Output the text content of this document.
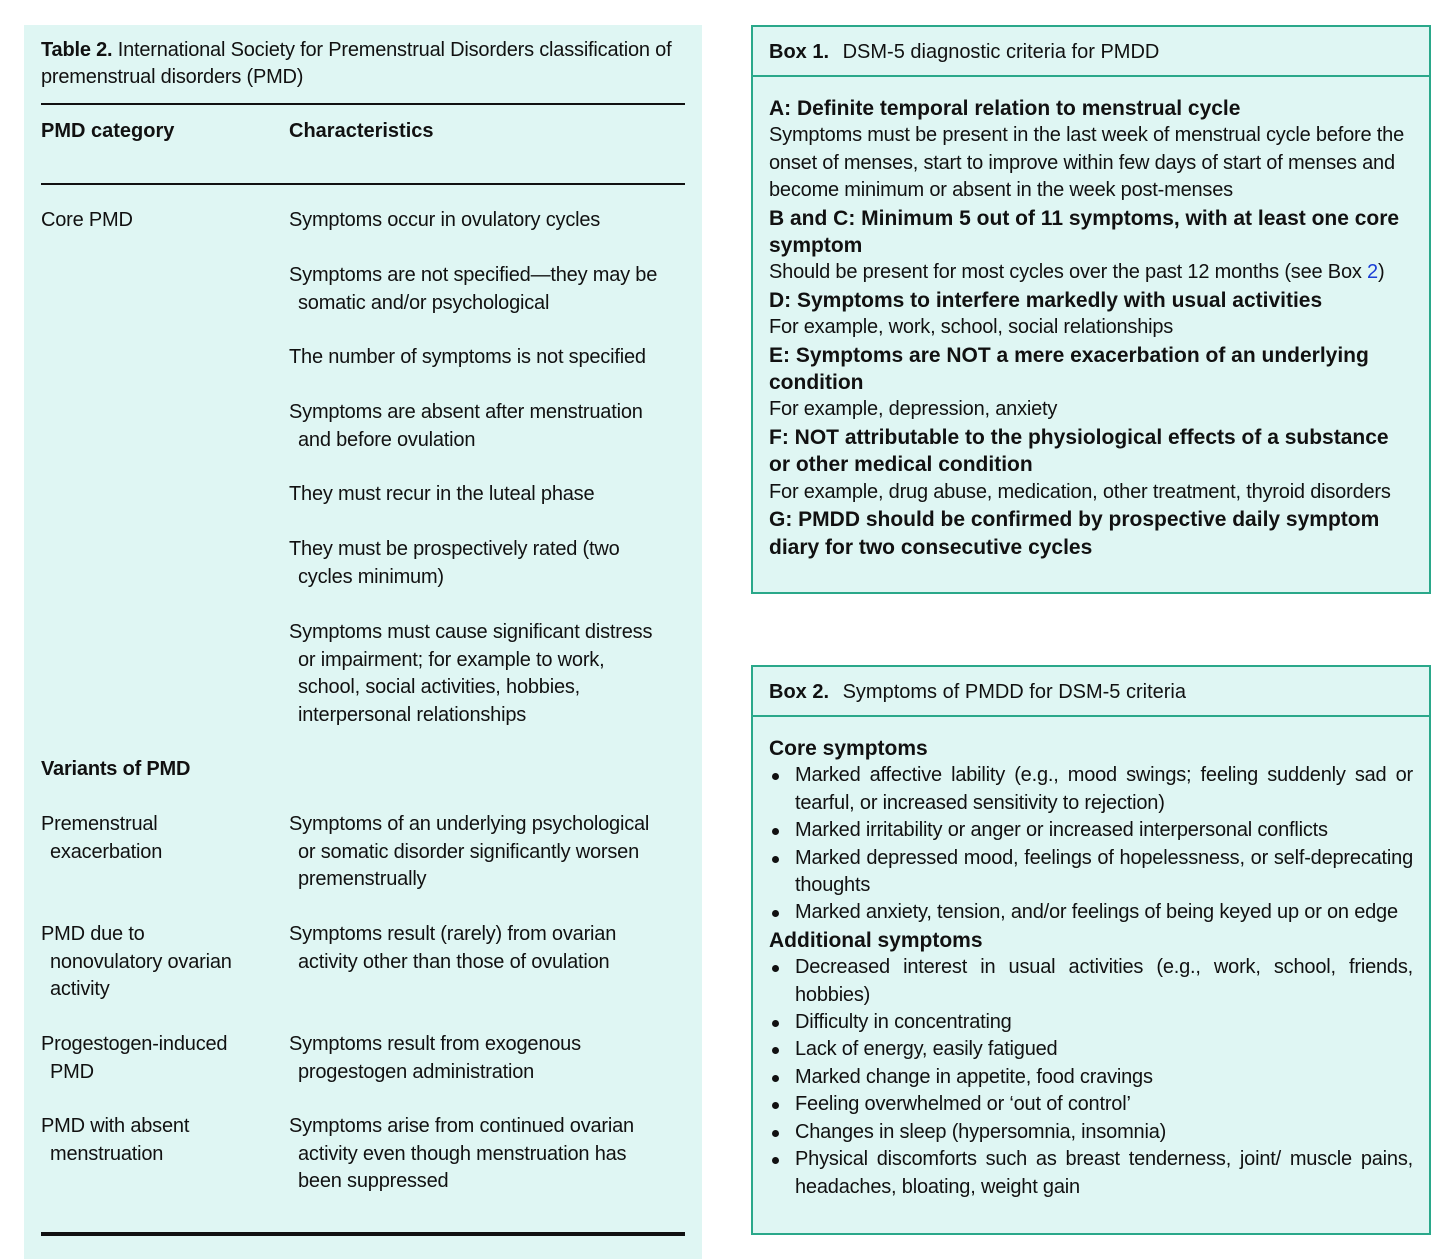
Table 2. International Society for Premenstrual Disorders classification of premenstrual disorders (PMD)
PMD category	Characteristics
Core PMD	Symptoms occur in ovulatory cycles
Symptoms are not specified—they may be
somatic and/or psychological
The number of symptoms is not specified
Symptoms are absent after menstruation
and before ovulation
They must recur in the luteal phase
They must be prospectively rated (two
cycles minimum)
Symptoms must cause significant distress
or impairment; for example to work,
school, social activities, hobbies,
interpersonal relationships
Variants of PMD
Premenstrual
exacerbation
Symptoms of an underlying psychological
or somatic disorder significantly worsen
premenstrually
PMD due to
nonovulatory ovarian
activity
Symptoms result (rarely) from ovarian
activity other than those of ovulation
Progestogen-induced
PMD
Symptoms result from exogenous
progestogen administration
PMD with absent
menstruation
Symptoms arise from continued ovarian
activity even though menstruation has
been suppressed
Box 1. DSM-5 diagnostic criteria for PMDD
A: Definite temporal relation to menstrual cycle
Symptoms must be present in the last week of menstrual cycle before the onset of menses, start to improve within few days of start of menses and become minimum or absent in the week post-menses
B and C: Minimum 5 out of 11 symptoms, with at least one core symptom
Should be present for most cycles over the past 12 months (see Box 2)
D: Symptoms to interfere markedly with usual activities
For example, work, school, social relationships
E: Symptoms are NOT a mere exacerbation of an underlying condition
For example, depression, anxiety
F: NOT attributable to the physiological effects of a substance or other medical condition
For example, drug abuse, medication, other treatment, thyroid disorders
G: PMDD should be confirmed by prospective daily symptom diary for two consecutive cycles
Box 2. Symptoms of PMDD for DSM-5 criteria
Core symptoms
Marked affective lability (e.g., mood swings; feeling suddenly sad or tearful, or increased sensitivity to rejection)
Marked irritability or anger or increased interpersonal conflicts
Marked depressed mood, feelings of hopelessness, or self-deprecating thoughts
Marked anxiety, tension, and/or feelings of being keyed up or on edge
Additional symptoms
Decreased interest in usual activities (e.g., work, school, friends, hobbies)
Difficulty in concentrating
Lack of energy, easily fatigued
Marked change in appetite, food cravings
Feeling overwhelmed or ‘out of control’
Changes in sleep (hypersomnia, insomnia)
Physical discomforts such as breast tenderness, joint/ muscle pains, headaches, bloating, weight gain
